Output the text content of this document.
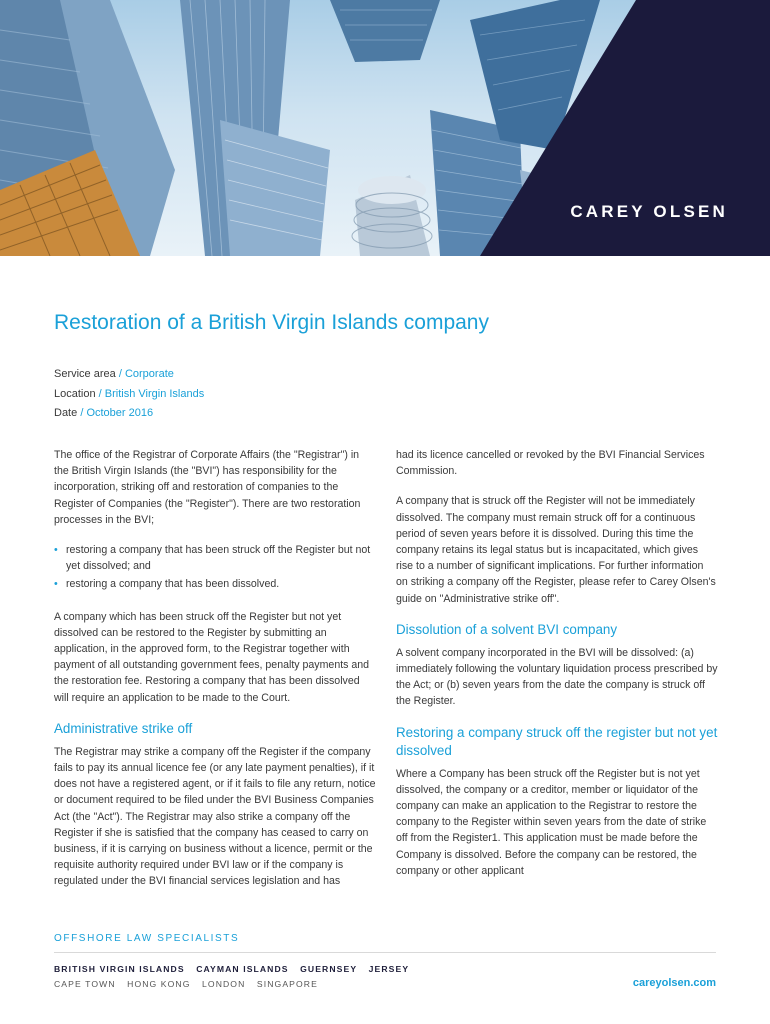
CAREY OLSEN
Restoration of a British Virgin Islands company
Service area / Corporate
Location / British Virgin Islands
Date / October 2016

The office of the Registrar of Corporate Affairs (the "Registrar") in the British Virgin Islands (the "BVI") has responsibility for the incorporation, striking off and restoration of companies to the Register of Companies (the "Register"). There are two restoration processes in the BVI;

• restoring a company that has been struck off the Register but not yet dissolved; and
• restoring a company that has been dissolved.

A company which has been struck off the Register but not yet dissolved can be restored to the Register by submitting an application, in the approved form, to the Registrar together with payment of all outstanding government fees, penalty payments and the restoration fee. Restoring a company that has been dissolved will require an application to be made to the Court.

Administrative strike off

The Registrar may strike a company off the Register if the company fails to pay its annual licence fee (or any late payment penalties), if it does not have a registered agent, or if it fails to file any return, notice or document required to be filed under the BVI Business Companies Act (the "Act"). The Registrar may also strike a company off the Register if she is satisfied that the company has ceased to carry on business, if it is carrying on business without a licence, permit or the requisite authority required under BVI law or if the company is regulated under the BVI financial services legislation and has

had its licence cancelled or revoked by the BVI Financial Services Commission.

A company that is struck off the Register will not be immediately dissolved. The company must remain struck off for a continuous period of seven years before it is dissolved. During this time the company retains its legal status but is incapacitated, which gives rise to a number of significant implications. For further information on striking a company off the Register, please refer to Carey Olsen's guide on "Administrative strike off".

Dissolution of a solvent BVI company

A solvent company incorporated in the BVI will be dissolved: (a) immediately following the voluntary liquidation process prescribed by the Act; or (b) seven years from the date the company is struck off the Register.

Restoring a company struck off the register but not yet dissolved

Where a Company has been struck off the Register but is not yet dissolved, the company or a creditor, member or liquidator of the company can make an application to the Registrar to restore the company to the Register within seven years from the date of strike off from the Register1. This application must be made before the Company is dissolved. Before the company can be restored, the company or other applicant

OFFSHORE LAW SPECIALISTS
BRITISH VIRGIN ISLANDS CAYMAN ISLANDS GUERNSEY JERSEY
CAPE TOWN HONG KONG LONDON SINGAPORE	careyolsen.com
